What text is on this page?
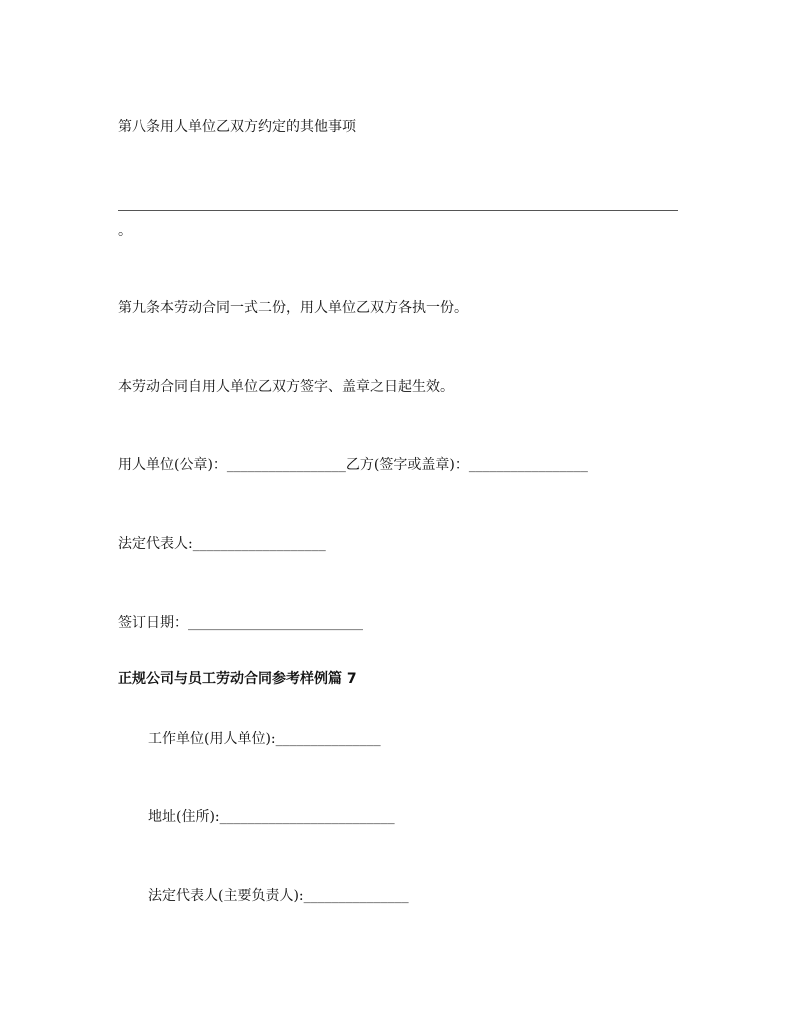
第八条用人单位乙双方约定的其他事项
。
第九条本劳动合同一式二份，用人单位乙双方各执一份。
本劳动合同自用人单位乙双方签字、盖章之日起生效。
用人单位(公章)：_________________乙方(签字或盖章)：_________________
法定代表人:___________________
签订日期：_________________________
正规公司与员工劳动合同参考样例篇 7
工作单位(用人单位):_______________
地址(住所):_________________________
法定代表人(主要负责人):_______________
